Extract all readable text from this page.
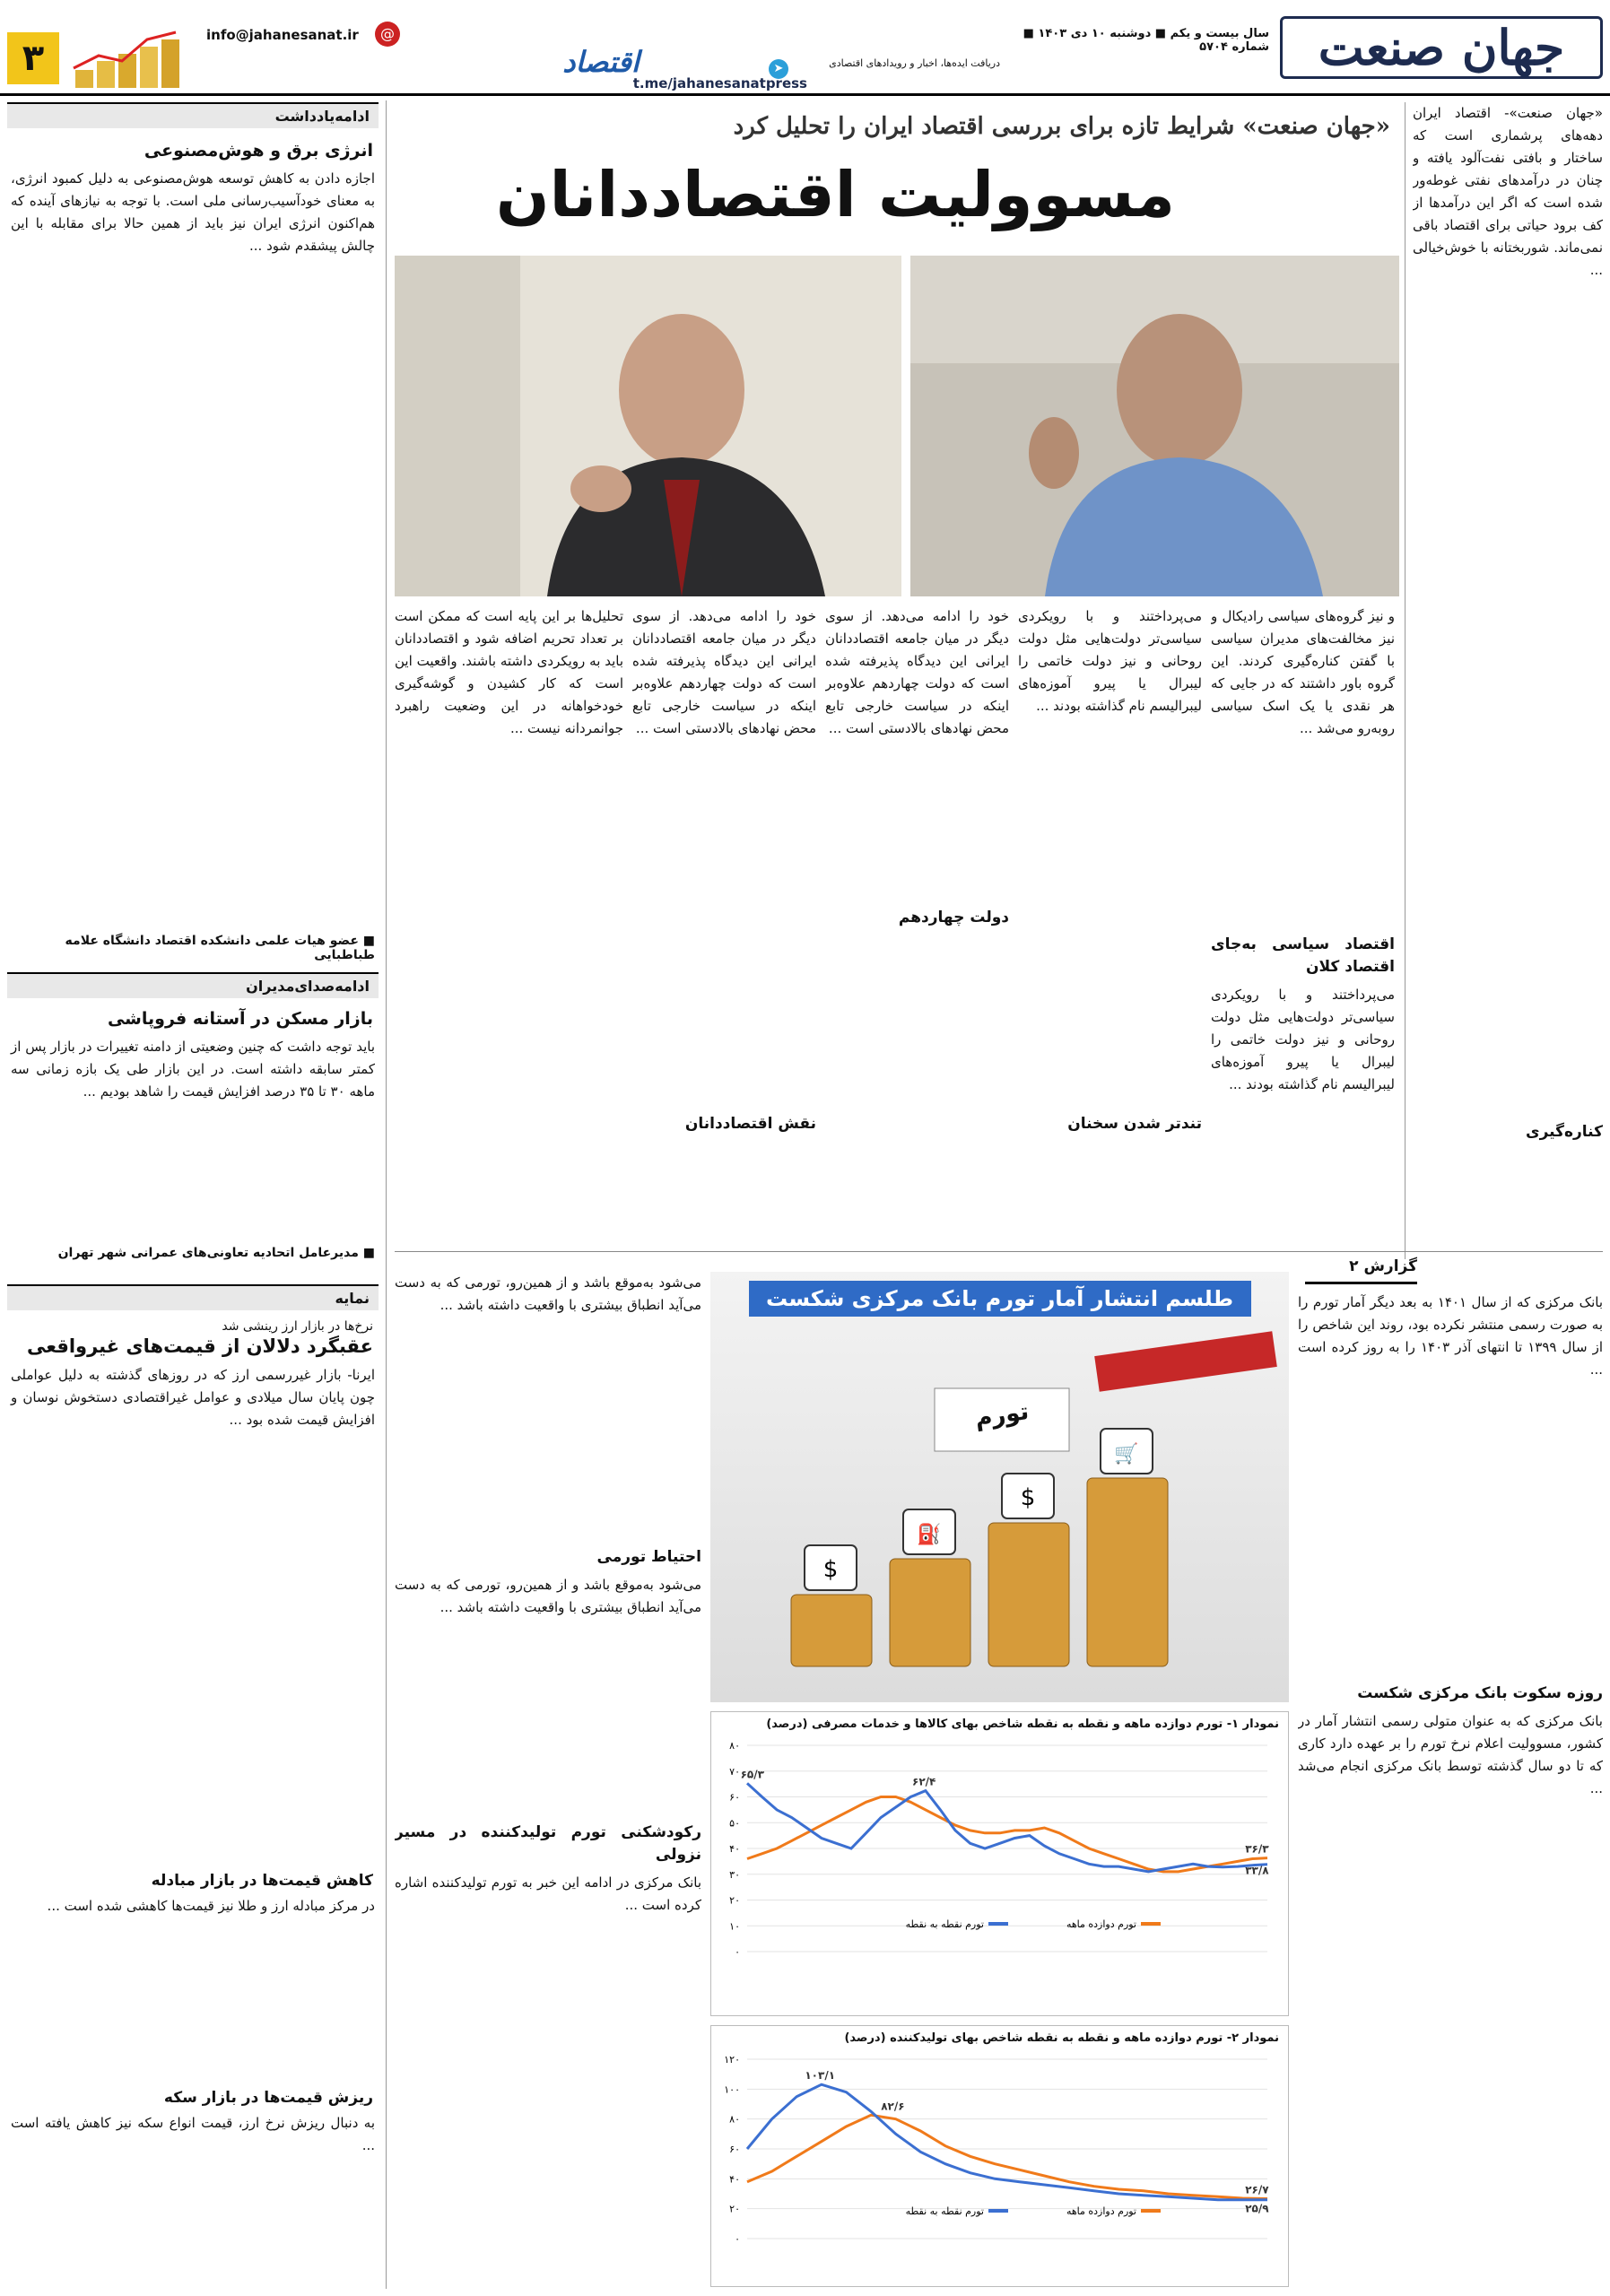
جهان صنعت
سال بیست و یکم ■ دوشنبه ۱۰ دی ۱۴۰۳ ■ شماره ۵۷۰۴
دریافت ایده‌ها، اخبار و رویدادهای اقتصادی
➤
t.me/jahanesanatpress
اقتصاد
info@jahanesanat.ir	@
۳
ادامه‌یادداشت
انرژی برق و هوش‌مصنوعی
اجازه دادن به کاهش توسعه هوش‌مصنوعی به دلیل کمبود انرژی، به معنای خودآسیب‌رسانی ملی است. با توجه به نیازهای آینده که هم‌اکنون انرژی ایران نیز باید از همین حالا برای مقابله با این چالش پیشقدم شود ...
■ عضو هیات علمی دانشکده اقتصاد دانشگاه علامه طباطبایی
ادامه‌صدای‌مدیران
بازار مسکن در آستانه فروپاشی
باید توجه داشت که چنین وضعیتی از دامنه تغییرات در بازار پس از کمتر سابقه داشته است. در این بازار طی یک بازه زمانی سه ماهه ۳۰ تا ۳۵ درصد افزایش قیمت را شاهد بودیم ...
■ مدیرعامل اتحادیه تعاونی‌های عمرانی شهر تهران
نمایه
نرخ‌ها در بازار ارز رینشی شد
عقبگرد دلالان از قیمت‌های غیرواقعی
ایرنا- بازار غیررسمی ارز که در روزهای گذشته به دلیل عواملی چون پایان سال میلادی و عوامل غیراقتصادی دستخوش نوسان و افزایش قیمت شده بود ...
کاهش قیمت‌ها در بازار مبادله
در مرکز مبادله ارز و طلا نیز قیمت‌ها کاهشی شده است ...
ریزش قیمت‌ها در بازار سکه
به دنبال ریزش نرخ ارز، قیمت انواع سکه نیز کاهش یافته است ...
«جهان صنعت»- اقتصاد ایران دهه‌های پرشماری است که ساختار و بافتی نفت‌آلود یافته و چنان در درآمدهای نفتی غوطه‌ور شده است که اگر این درآمدها از کف برود حیاتی برای اقتصاد باقی نمی‌ماند. شوربختانه با خوش‌خیالی ...
«جهان صنعت» شرایط تازه برای بررسی اقتصاد ایران را تحلیل کرد
مسوولیت اقتصاددانان
و نیز گروه‌های سیاسی رادیکال و نیز مخالفت‌های مدیران سیاسی با گفتن کناره‌گیری کردند. این گروه باور داشتند که در جایی که هر نقدی یا یک اسک سیاسی روبه‌رو می‌شد ...
اقتصاد سیاسی به‌جای اقتصاد کلان
می‌پرداختند و با رویکردی سیاسی‌تر دولت‌هایی مثل دولت روحانی و نیز دولت خاتمی را لیبرال یا پیرو آموزه‌های لیبرالیسم نام گذاشته بودند ...
می‌پرداختند و با رویکردی سیاسی‌تر دولت‌هایی مثل دولت روحانی و نیز دولت خاتمی را لیبرال یا پیرو آموزه‌های لیبرالیسم نام گذاشته بودند ...
تندتر شدن سخنان
خود را ادامه می‌دهد. از سوی دیگر در میان جامعه اقتصاددانان ایرانی این دیدگاه پذیرفته شده است که دولت چهاردهم علاوه‌بر اینکه در سیاست خارجی تابع محض نهادهای بالادستی است ...
دولت چهاردهم
خود را ادامه می‌دهد. از سوی دیگر در میان جامعه اقتصاددانان ایرانی این دیدگاه پذیرفته شده است که دولت چهاردهم علاوه‌بر اینکه در سیاست خارجی تابع محض نهادهای بالادستی است ...
نقش اقتصاددانان
تحلیل‌ها بر این پایه است که ممکن است بر تعداد تحریم اضافه شود و اقتصاددانان باید به رویکردی داشته باشند. واقعیت این است که کار کشیدن و گوشه‌گیری خودخواهانه در این وضعیت راهبرد جوانمردانه نیست ...
کناره‌گیری
گزارش ۲
بانک مرکزی که از سال ۱۴۰۱ به بعد دیگر آمار تورم را به صورت رسمی منتشر نکرده بود، روند این شاخص را از سال ۱۳۹۹ تا انتهای آذر ۱۴۰۳ را به روز کرده است ...
روزه سکوت بانک مرکزی شکست
بانک مرکزی که به عنوان متولی رسمی انتشار آمار در کشور، مسوولیت اعلام نرخ تورم را بر عهده دارد کاری که تا دو سال گذشته توسط بانک مرکزی انجام می‌شد ...
طلسم انتشار آمار تورم بانک مرکزی شکست
$
⛽
$
🛒
تورم
می‌شود به‌موقع باشد و از همین‌رو، تورمی که به دست می‌آید انطباق بیشتری با واقعیت داشته باشد ...
احتیاط تورمی
می‌شود به‌موقع باشد و از همین‌رو، تورمی که به دست می‌آید انطباق بیشتری با واقعیت داشته باشد ...
رکودشکنی تورم تولیدکننده در مسیر نزولی
بانک مرکزی در ادامه این خبر به تورم تولیدکننده اشاره کرده است ...
نمودار ۱- تورم دوازده ماهه و نقطه به نقطه شاخص بهای کالاها و خدمات مصرفی (درصد)
۸۰
۷۰
۶۰
۵۰
۴۰
۳۰
۲۰
۱۰
۰
تورم دوازده ماهه
تورم نقطه به نقطه
۶۵/۳
۶۲/۴
۳۶/۳
۳۳/۸
نمودار ۲- تورم دوازده ماهه و نقطه به نقطه شاخص بهای تولیدکننده (درصد)
۱۲۰
۱۰۰
۸۰
۶۰
۴۰
۲۰
۰
تورم دوازده ماهه
تورم نقطه به نقطه
۱۰۳/۱
۸۲/۶
۲۶/۷
۲۵/۹
